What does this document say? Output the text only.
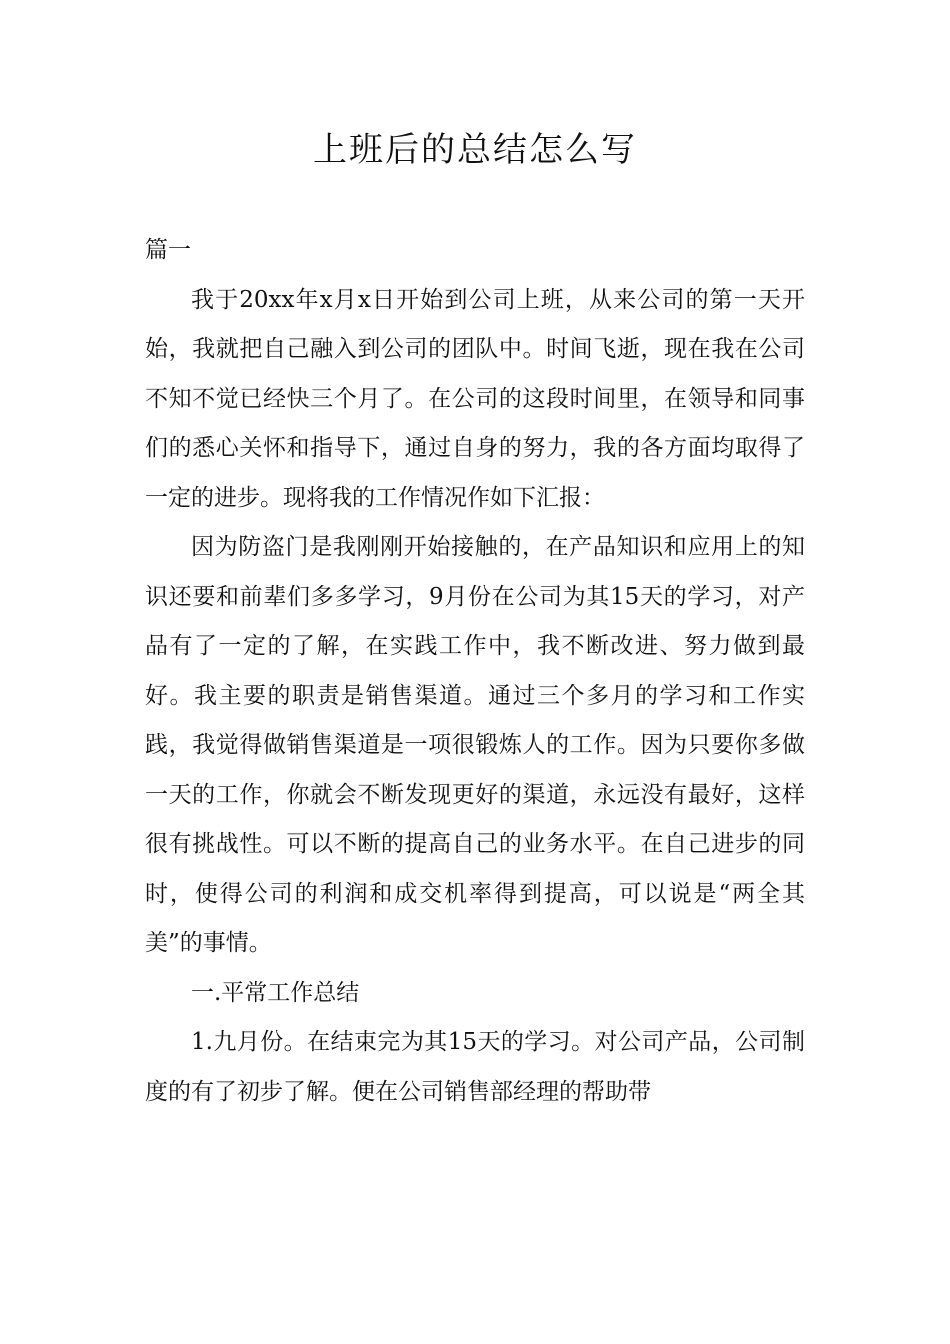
上班后的总结怎么写

篇一

我于20xx年x月x日开始到公司上班，从来公司的第一天开始，我就把自己融入到公司的团队中。时间飞逝，现在我在公司不知不觉已经快三个月了。在公司的这段时间里，在领导和同事们的悉心关怀和指导下，通过自身的努力，我的各方面均取得了一定的进步。现将我的工作情况作如下汇报：

因为防盗门是我刚刚开始接触的，在产品知识和应用上的知识还要和前辈们多多学习，9月份在公司为其15天的学习，对产品有了一定的了解，在实践工作中，我不断改进、努力做到最好。我主要的职责是销售渠道。通过三个多月的学习和工作实践，我觉得做销售渠道是一项很锻炼人的工作。因为只要你多做一天的工作，你就会不断发现更好的渠道，永远没有最好，这样很有挑战性。可以不断的提高自己的业务水平。在自己进步的同时，使得公司的利润和成交机率得到提高，可以说是“两全其美”的事情。

一.平常工作总结

1.九月份。在结束完为其15天的学习。对公司产品，公司制度的有了初步了解。便在公司销售部经理的帮助带
